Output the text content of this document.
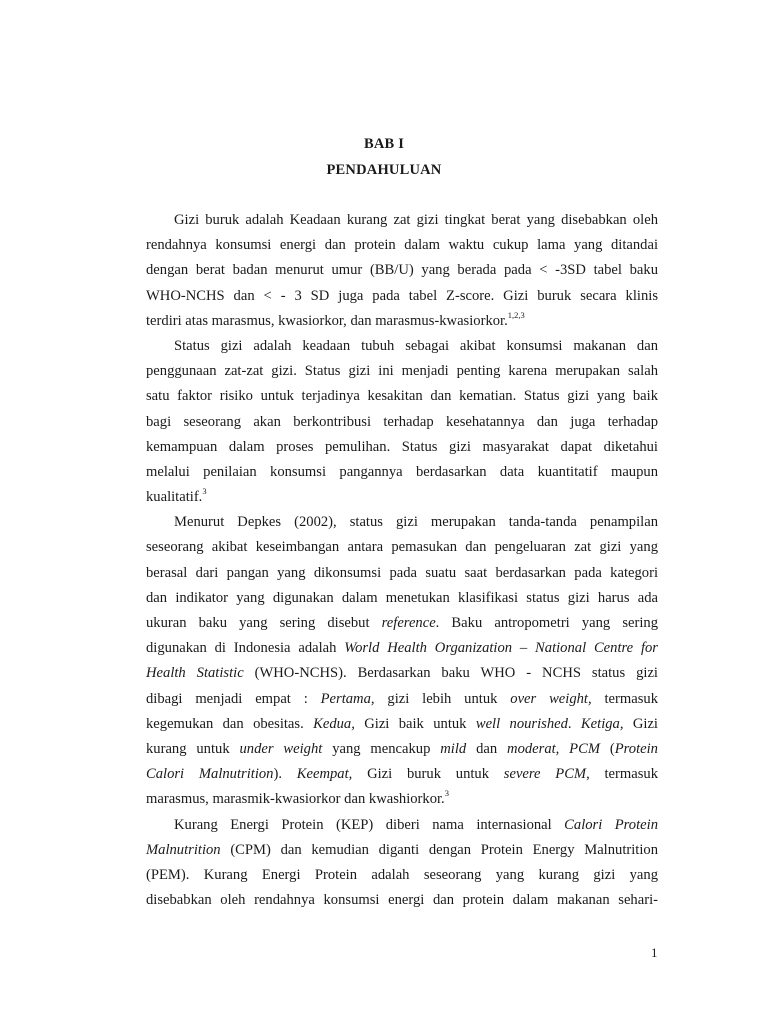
BAB I
PENDAHULUAN
Gizi buruk adalah Keadaan kurang zat gizi tingkat berat yang disebabkan oleh
rendahnya konsumsi energi dan protein dalam waktu cukup lama yang ditandai
dengan berat badan menurut umur (BB/U) yang berada pada < -3SD tabel baku
WHO-NCHS dan < - 3 SD juga pada tabel Z-score. Gizi buruk secara klinis
terdiri atas marasmus, kwasiorkor, dan marasmus-kwasiorkor.$^{1,2,3}$
Status gizi adalah keadaan tubuh sebagai akibat konsumsi makanan dan
penggunaan zat-zat gizi. Status gizi ini menjadi penting karena merupakan salah
satu faktor risiko untuk terjadinya kesakitan dan kematian. Status gizi yang baik
bagi seseorang akan berkontribusi terhadap kesehatannya dan juga terhadap
kemampuan dalam proses pemulihan. Status gizi masyarakat dapat diketahui
melalui penilaian konsumsi pangannya berdasarkan data kuantitatif maupun
kualitatif.$^3$
Menurut Depkes (2002), status gizi merupakan tanda-tanda penampilan
seseorang akibat keseimbangan antara pemasukan dan pengeluaran zat gizi yang
berasal dari pangan yang dikonsumsi pada suatu saat berdasarkan pada kategori
dan indikator yang digunakan dalam menetukan klasifikasi status gizi harus ada
ukuran baku yang sering disebut reference. Baku antropometri yang sering
digunakan di Indonesia adalah World Health Organization – National Centre for
Health Statistic (WHO-NCHS). Berdasarkan baku WHO - NCHS status gizi
dibagi menjadi empat : Pertama, gizi lebih untuk over weight, termasuk
kegemukan dan obesitas. Kedua, Gizi baik untuk well nourished. Ketiga, Gizi
kurang untuk under weight yang mencakup mild dan moderat, PCM (Protein
Calori Malnutrition). Keempat, Gizi buruk untuk severe PCM, termasuk
marasmus, marasmik-kwasiorkor dan kwashiorkor.$^3$
Kurang Energi Protein (KEP) diberi nama internasional Calori Protein
Malnutrition (CPM) dan kemudian diganti dengan Protein Energy Malnutrition
(PEM). Kurang Energi Protein adalah seseorang yang kurang gizi yang
disebabkan oleh rendahnya konsumsi energi dan protein dalam makanan sehari-
1
